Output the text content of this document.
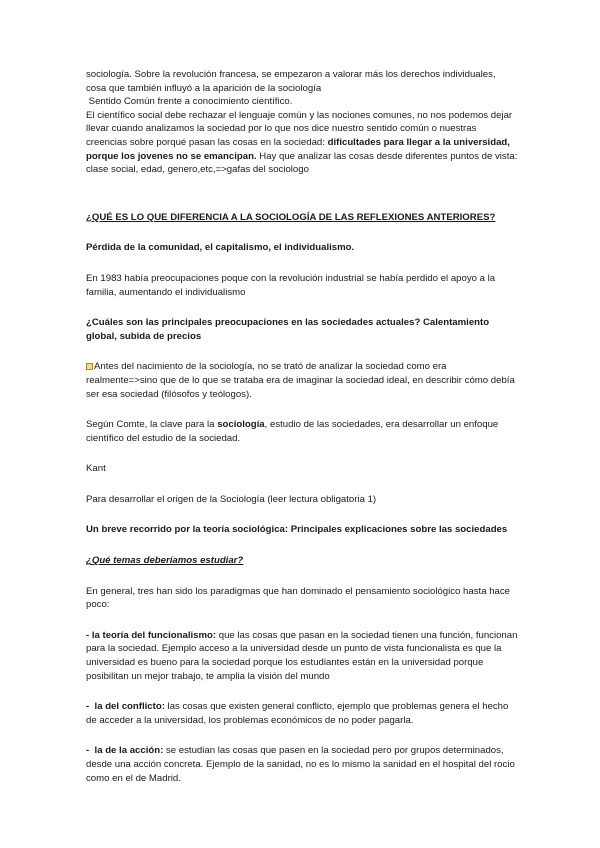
sociología. Sobre la revolución francesa, se empezaron a valorar más los derechos individuales,

cosa que también influyó a la aparición de la sociología

Sentido Común frente a conocimiento científico.

El científico social debe rechazar el lenguaje común y las nociones comunes, no nos podemos dejar llevar cuando analizamos la sociedad por lo que nos dice nuestro sentido común o nuestras creencias sobre porqué pasan las cosas en la sociedad: dificultades para llegar a la universidad, porque los jovenes no se emancipan. Hay que analizar las cosas desde diferentes puntos de vista: clase social, edad, genero,etc,=>gafas del sociologo

¿QUÉ ES LO QUE DIFERENCIA A LA SOCIOLOGÍA DE LAS REFLEXIONES ANTERIORES?

Pérdida de la comunidad, el capitalismo, el individualismo.

En 1983 había preocupaciones poque con la revolución industrial se había perdido el apoyo a la familia, aumentando el individualismo

¿Cuáles son las principales preocupaciones en las sociedades actuales? Calentamiento global, subida de precios

Antes del nacimiento de la sociología, no se trató de analizar la sociedad como era realmente=>sino que de lo que se trataba era de imaginar la sociedad ideal, en describir cómo debía ser esa sociedad (filósofos y teólogos).

Según Comte, la clave para la sociología, estudio de las sociedades, era desarrollar un enfoque científico del estudio de la sociedad.

Kant

Para desarrollar el origen de la Sociología (leer lectura obligatoria 1)

Un breve recorrido por la teoría sociológica: Principales explicaciones sobre las sociedades

¿Qué temas deberíamos estudiar?

En general, tres han sido los paradigmas que han dominado el pensamiento sociológico hasta hace poco:

- la teoría del funcionalismo: que las cosas que pasan en la sociedad tienen una función, funcionan para la sociedad. Ejemplo acceso a la universidad desde un punto de vista funcionalista es que la universidad es bueno para la sociedad porque los estudiantes están en la universidad porque posibilitan un mejor trabajo, te amplia la visión del mundo

-  la del conflicto: las cosas que existen general conflicto, ejemplo que problemas genera el hecho de acceder a la universidad, los problemas económicos de no poder pagarla.

-  la de la acción: se estudian las cosas que pasen en la sociedad pero por grupos determinados, desde una acción concreta. Ejemplo de la sanidad, no es lo mismo la sanidad en el hospital del rocio como en el de Madrid.
